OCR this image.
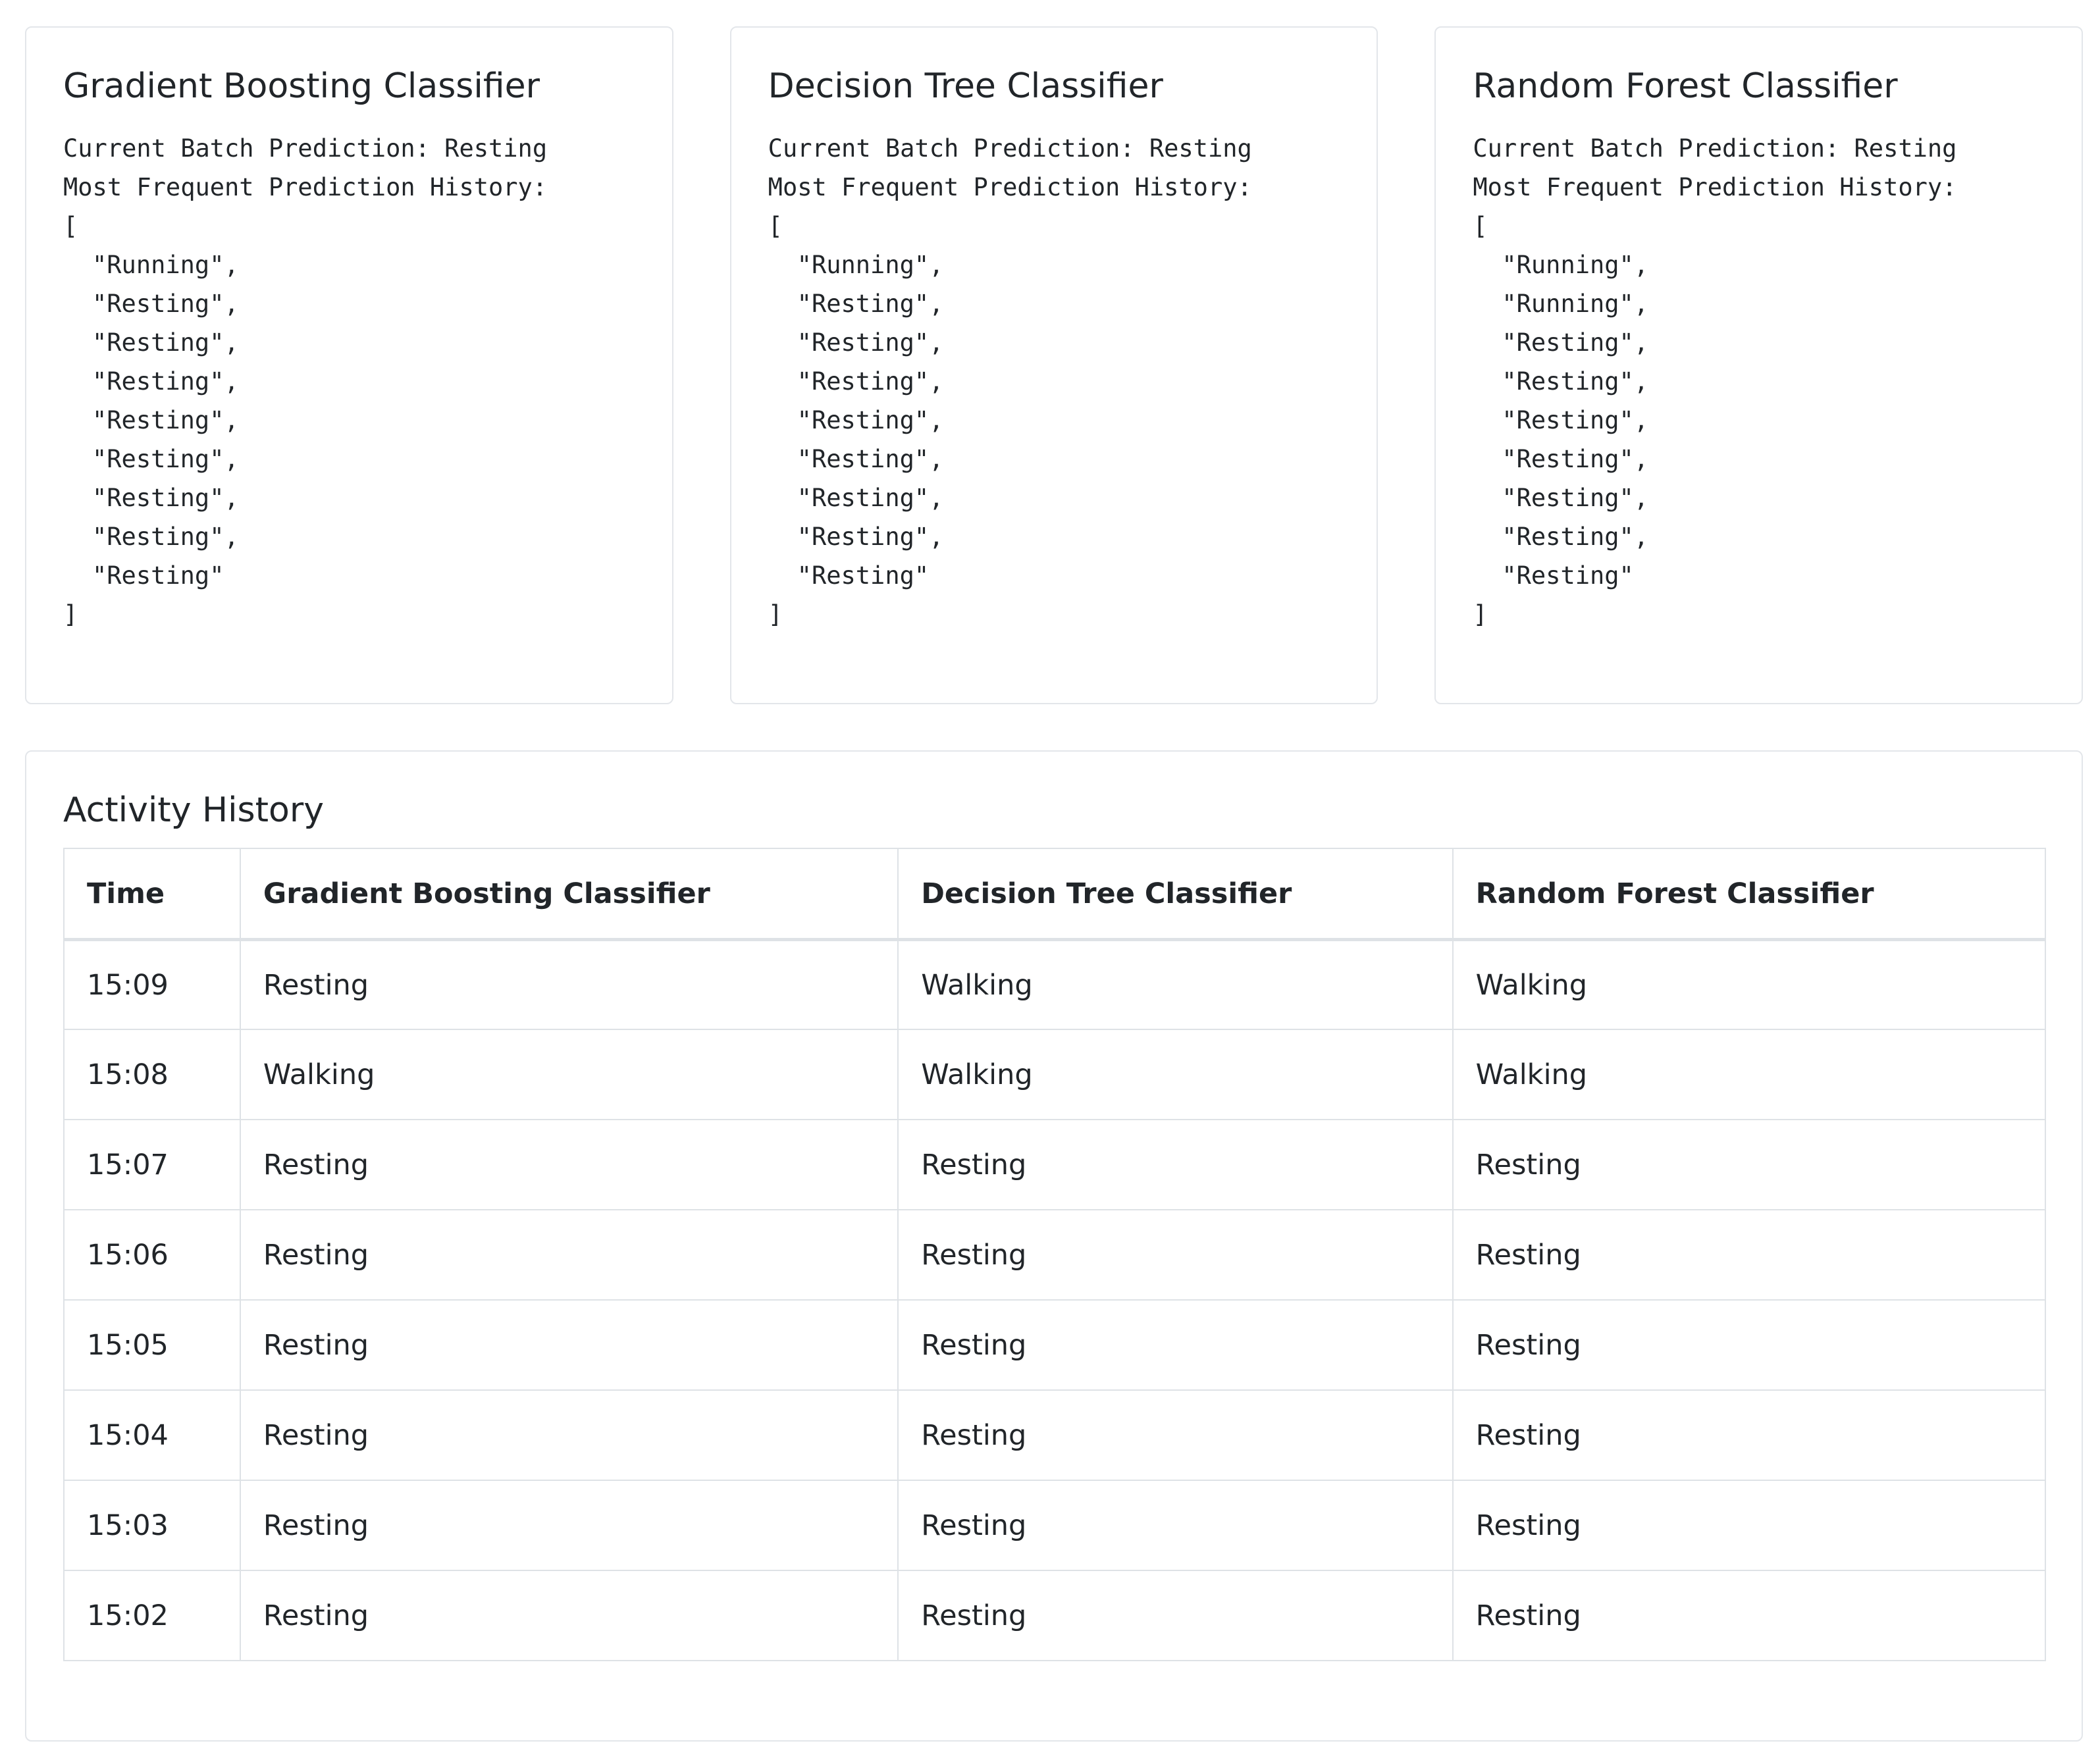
Gradient Boosting Classifier
Current Batch Prediction: Resting
Most Frequent Prediction History:
[
"Running",
"Resting",
"Resting",
"Resting",
"Resting",
"Resting",
"Resting",
"Resting",
"Resting"
]
Decision Tree Classifier
Current Batch Prediction: Resting
Most Frequent Prediction History:
[
"Running",
"Resting",
"Resting",
"Resting",
"Resting",
"Resting",
"Resting",
"Resting",
"Resting"
]
Random Forest Classifier
Current Batch Prediction: Resting
Most Frequent Prediction History:
[
"Running",
"Running",
"Resting",
"Resting",
"Resting",
"Resting",
"Resting",
"Resting",
"Resting"
]
Activity History
Time	Gradient Boosting Classifier	Decision Tree Classifier	Random Forest Classifier
15:09	Resting	Walking	Walking
15:08	Walking	Walking	Walking
15:07	Resting	Resting	Resting
15:06	Resting	Resting	Resting
15:05	Resting	Resting	Resting
15:04	Resting	Resting	Resting
15:03	Resting	Resting	Resting
15:02	Resting	Resting	Resting
